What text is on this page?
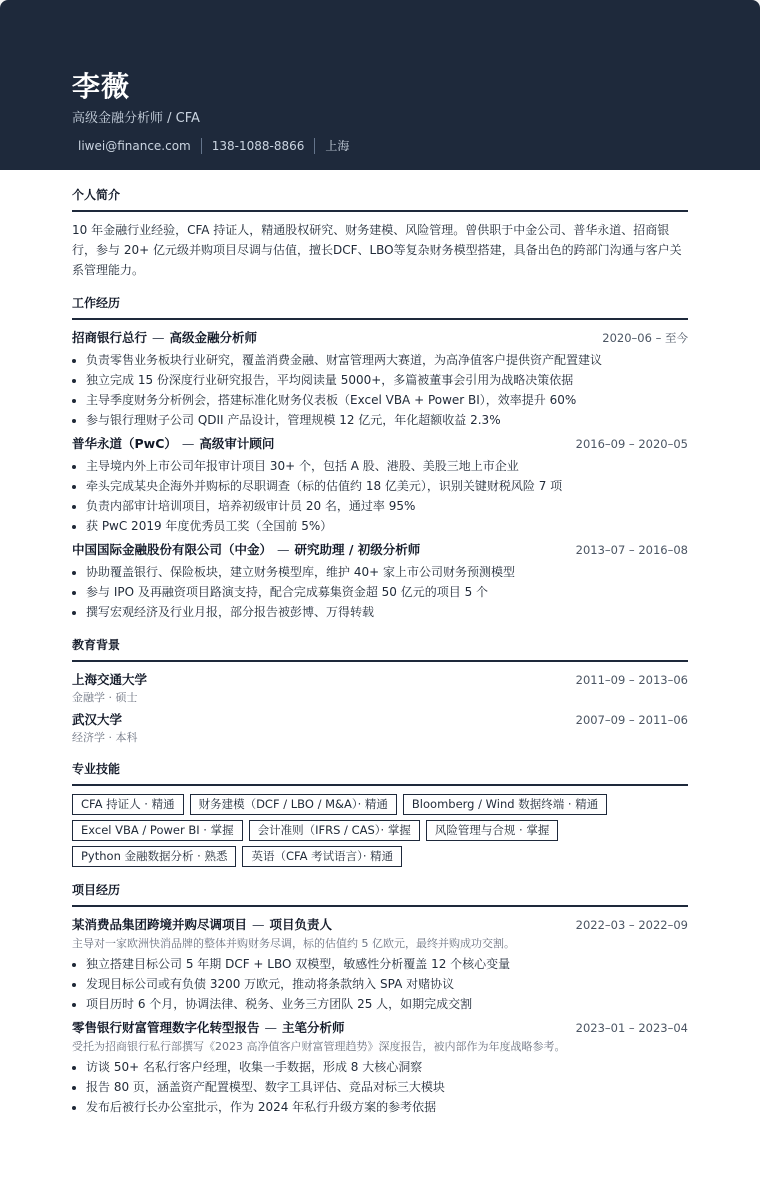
李薇
高级金融分析师 / CFA
liwei@finance.com	138-1088-8866	上海
个人简介

10 年金融行业经验，CFA 持证人，精通股权研究、财务建模、风险管理。曾供职于中金公司、普华永道、招商银行，参与 20+ 亿元级并购项目尽调与估值，擅长DCF、LBO等复杂财务模型搭建，具备出色的跨部门沟通与客户关系管理能力。

工作经历
招商银行总行 — 高级金融分析师	2020–06 – 至今
• 负责零售业务板块行业研究，覆盖消费金融、财富管理两大赛道，为高净值客户提供资产配置建议
• 独立完成 15 份深度行业研究报告，平均阅读量 5000+，多篇被董事会引用为战略决策依据
• 主导季度财务分析例会，搭建标准化财务仪表板（Excel VBA + Power BI），效率提升 60%
• 参与银行理财子公司 QDII 产品设计，管理规模 12 亿元，年化超额收益 2.3%
普华永道（PwC） — 高级审计顾问	2016–09 – 2020–05
• 主导境内外上市公司年报审计项目 30+ 个，包括 A 股、港股、美股三地上市企业
• 牵头完成某央企海外并购标的尽职调查（标的估值约 18 亿美元），识别关键财税风险 7 项
• 负责内部审计培训项目，培养初级审计员 20 名，通过率 95%
• 获 PwC 2019 年度优秀员工奖（全国前 5%）
中国国际金融股份有限公司（中金） — 研究助理 / 初级分析师	2013–07 – 2016–08
• 协助覆盖银行、保险板块，建立财务模型库，维护 40+ 家上市公司财务预测模型
• 参与 IPO 及再融资项目路演支持，配合完成募集资金超 50 亿元的项目 5 个
• 撰写宏观经济及行业月报，部分报告被彭博、万得转载
教育背景
上海交通大学	2011–09 – 2013–06
金融学 · 硕士
武汉大学	2007–09 – 2011–06
经济学 · 本科
专业技能
CFA 持证人 · 精通	财务建模（DCF / LBO / M&A）· 精通	Bloomberg / Wind 数据终端 · 精通
Excel VBA / Power BI · 掌握	会计准则（IFRS / CAS）· 掌握	风险管理与合规 · 掌握
Python 金融数据分析 · 熟悉	英语（CFA 考试语言）· 精通
项目经历
某消费品集团跨境并购尽调项目 — 项目负责人	2022–03 – 2022–09
主导对一家欧洲快消品牌的整体并购财务尽调，标的估值约 5 亿欧元，最终并购成功交割。
• 独立搭建目标公司 5 年期 DCF + LBO 双模型，敏感性分析覆盖 12 个核心变量
• 发现目标公司或有负债 3200 万欧元，推动将条款纳入 SPA 对赌协议
• 项目历时 6 个月，协调法律、税务、业务三方团队 25 人，如期完成交割
零售银行财富管理数字化转型报告 — 主笔分析师	2023–01 – 2023–04
受托为招商银行私行部撰写《2023 高净值客户财富管理趋势》深度报告，被内部作为年度战略参考。
• 访谈 50+ 名私行客户经理，收集一手数据，形成 8 大核心洞察
• 报告 80 页，涵盖资产配置模型、数字工具评估、竞品对标三大模块
• 发布后被行长办公室批示，作为 2024 年私行升级方案的参考依据
